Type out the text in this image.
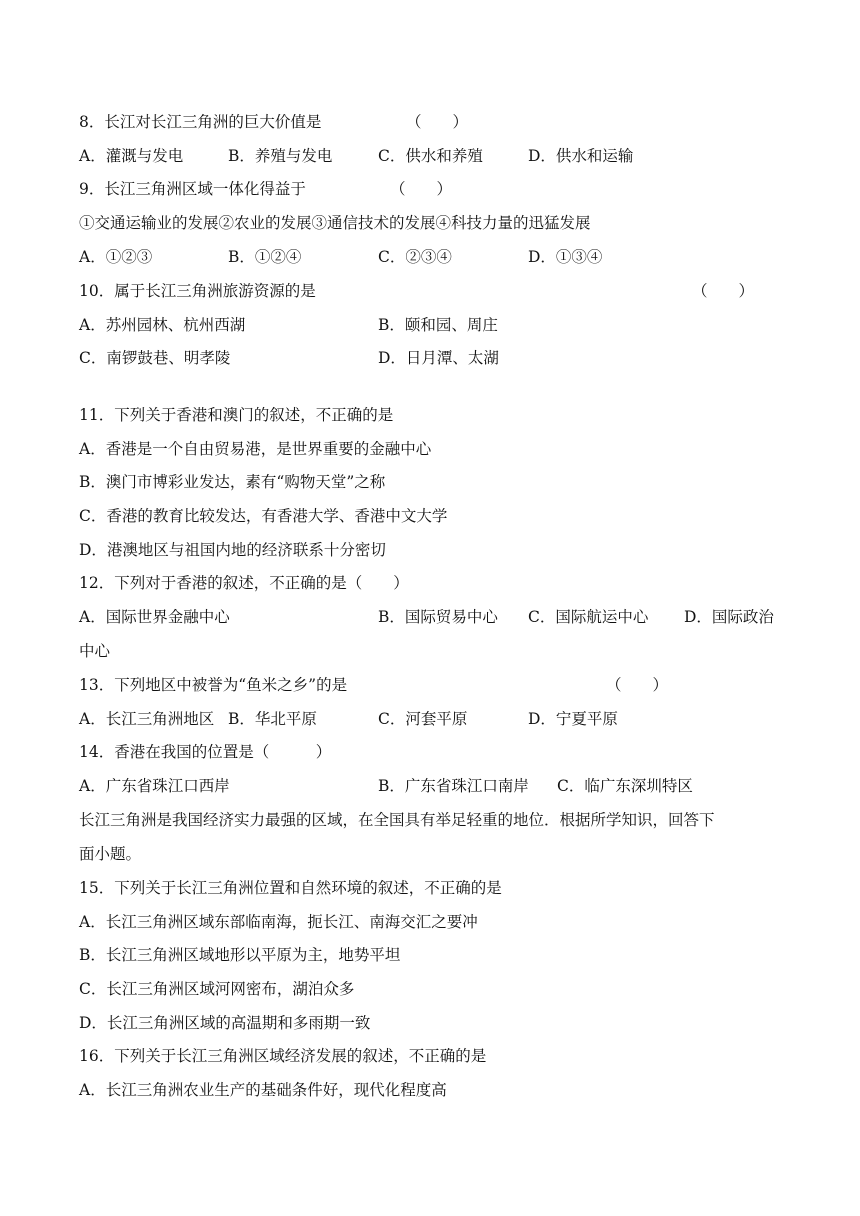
8．长江对长江三角洲的巨大价值是	（　　）
A．灌溉与发电	B．养殖与发电	C．供水和养殖	D．供水和运输
9．长江三角洲区域一体化得益于	（　　）
①交通运输业的发展②农业的发展③通信技术的发展④科技力量的迅猛发展
A．①②③	B．①②④	C．②③④	D．①③④
10．属于长江三角洲旅游资源的是	（　　）
A．苏州园林、杭州西湖	B．颐和园、周庄
C．南锣鼓巷、明孝陵	D．日月潭、太湖
11．下列关于香港和澳门的叙述，不正确的是
A．香港是一个自由贸易港，是世界重要的金融中心
B．澳门市博彩业发达，素有“购物天堂”之称
C．香港的教育比较发达，有香港大学、香港中文大学
D．港澳地区与祖国内地的经济联系十分密切
12．下列对于香港的叙述，不正确的是（　　）
A．国际世界金融中心	B．国际贸易中心 C．国际航运中心 D．国际政治
中心
13．下列地区中被誉为“鱼米之乡”的是	（　　）
A．长江三角洲地区 B．华北平原	C．河套平原	D．宁夏平原
14．香港在我国的位置是（　　　）
A．广东省珠江口西岸	B．广东省珠江口南岸 C．临广东深圳特区
长江三角洲是我国经济实力最强的区域，在全国具有举足轻重的地位．根据所学知识，回答下
面小题。
15．下列关于长江三角洲位置和自然环境的叙述，不正确的是
A．长江三角洲区域东部临南海，扼长江、南海交汇之要冲
B．长江三角洲区域地形以平原为主，地势平坦
C．长江三角洲区域河网密布，湖泊众多
D．长江三角洲区域的高温期和多雨期一致
16．下列关于长江三角洲区域经济发展的叙述，不正确的是
A．长江三角洲农业生产的基础条件好，现代化程度高
